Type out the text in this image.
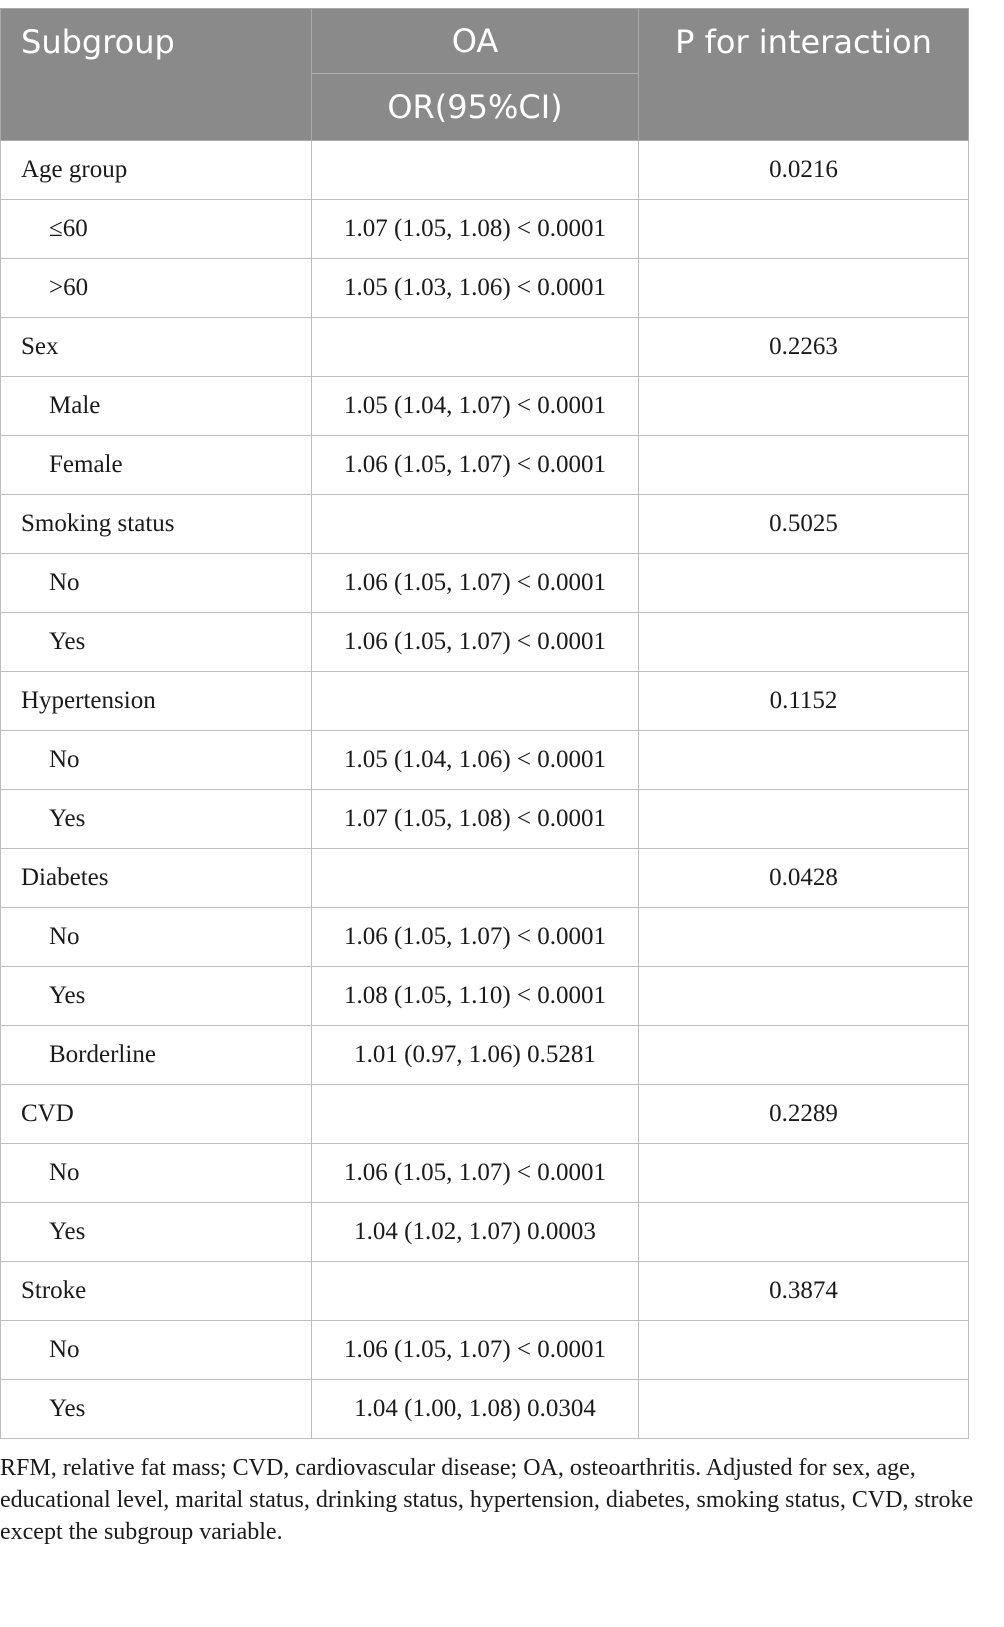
Subgroup	OA	P for interaction
	OR(95%CI)	
Age group		0.0216
≤60	1.07 (1.05, 1.08) < 0.0001	
>60	1.05 (1.03, 1.06) < 0.0001	
Sex		0.2263
Male	1.05 (1.04, 1.07) < 0.0001	
Female	1.06 (1.05, 1.07) < 0.0001	
Smoking status		0.5025
No	1.06 (1.05, 1.07) < 0.0001	
Yes	1.06 (1.05, 1.07) < 0.0001	
Hypertension		0.1152
No	1.05 (1.04, 1.06) < 0.0001	
Yes	1.07 (1.05, 1.08) < 0.0001	
Diabetes		0.0428
No	1.06 (1.05, 1.07) < 0.0001	
Yes	1.08 (1.05, 1.10) < 0.0001	
Borderline	1.01 (0.97, 1.06) 0.5281	
CVD		0.2289
No	1.06 (1.05, 1.07) < 0.0001	
Yes	1.04 (1.02, 1.07) 0.0003	
Stroke		0.3874
No	1.06 (1.05, 1.07) < 0.0001	
Yes	1.04 (1.00, 1.08) 0.0304	
RFM, relative fat mass; CVD, cardiovascular disease; OA, osteoarthritis. Adjusted for sex, age, educational level, marital status, drinking status, hypertension, diabetes, smoking status, CVD, stroke except the subgroup variable.
